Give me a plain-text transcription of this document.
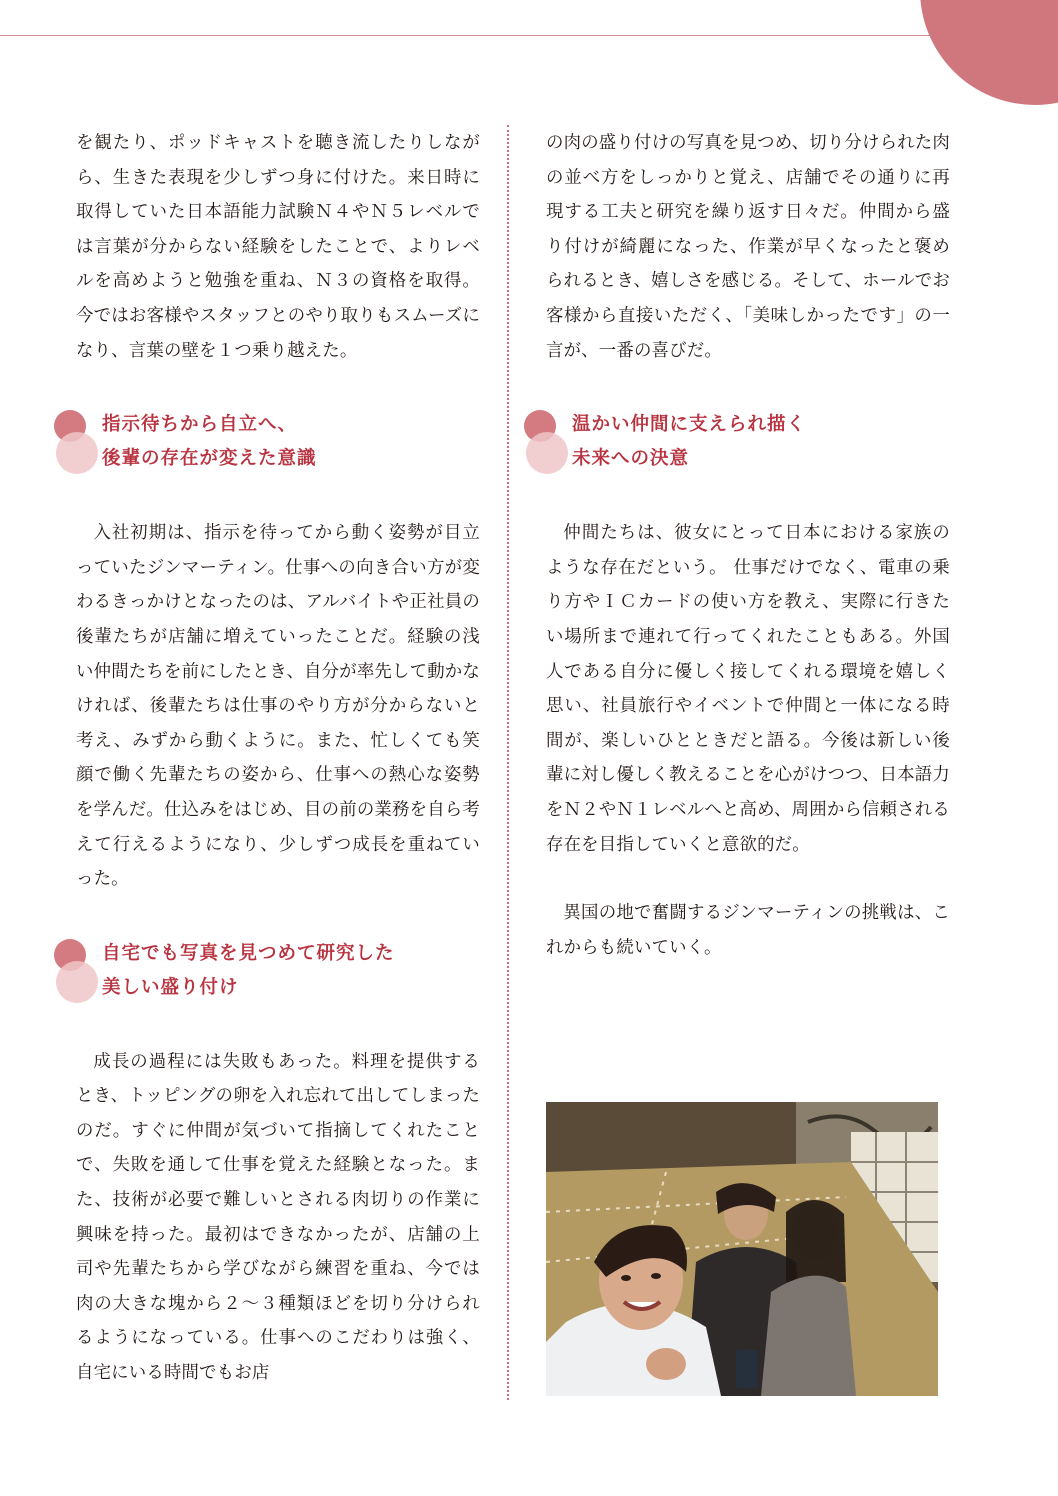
を観たり、ポッドキャストを聴き流したりしながら、生きた表現を少しずつ身に付けた。来日時に取得していた日本語能力試験Ｎ４やＮ５レベルでは言葉が分からない経験をしたことで、よりレベルを高めようと勉強を重ね、Ｎ３の資格を取得。今ではお客様やスタッフとのやり取りもスムーズになり、言葉の壁を１つ乗り越えた。

指示待ちから自立へ、
後輩の存在が変えた意識

入社初期は、指示を待ってから動く姿勢が目立っていたジンマーティン。仕事への向き合い方が変わるきっかけとなったのは、アルバイトや正社員の後輩たちが店舗に増えていったことだ。経験の浅い仲間たちを前にしたとき、自分が率先して動かなければ、後輩たちは仕事のやり方が分からないと考え、みずから動くように。また、忙しくても笑顔で働く先輩たちの姿から、仕事への熱心な姿勢を学んだ。仕込みをはじめ、目の前の業務を自ら考えて行えるようになり、少しずつ成長を重ねていった。

自宅でも写真を見つめて研究した
美しい盛り付け

成長の過程には失敗もあった。料理を提供するとき、トッピングの卵を入れ忘れて出してしまったのだ。すぐに仲間が気づいて指摘してくれたことで、失敗を通して仕事を覚えた経験となった。また、技術が必要で難しいとされる肉切りの作業に興味を持った。最初はできなかったが、店舗の上司や先輩たちから学びながら練習を重ね、今では肉の大きな塊から２〜３種類ほどを切り分けられるようになっている。仕事へのこだわりは強く、自宅にいる時間でもお店

の肉の盛り付けの写真を見つめ、切り分けられた肉の並べ方をしっかりと覚え、店舗でその通りに再現する工夫と研究を繰り返す日々だ。仲間から盛り付けが綺麗になった、作業が早くなったと褒められるとき、嬉しさを感じる。そして、ホールでお客様から直接いただく、「美味しかったです」の一言が、一番の喜びだ。

温かい仲間に支えられ描く
未来への決意

仲間たちは、彼女にとって日本における家族のような存在だという。 仕事だけでなく、電車の乗り方やＩＣカードの使い方を教え、実際に行きたい場所まで連れて行ってくれたこともある。外国人である自分に優しく接してくれる環境を嬉しく思い、社員旅行やイベントで仲間と一体になる時間が、楽しいひとときだと語る。今後は新しい後輩に対し優しく教えることを心がけつつ、日本語力をＮ２やＮ１レベルへと高め、周囲から信頼される存在を目指していくと意欲的だ。

異国の地で奮闘するジンマーティンの挑戦は、これからも続いていく。
